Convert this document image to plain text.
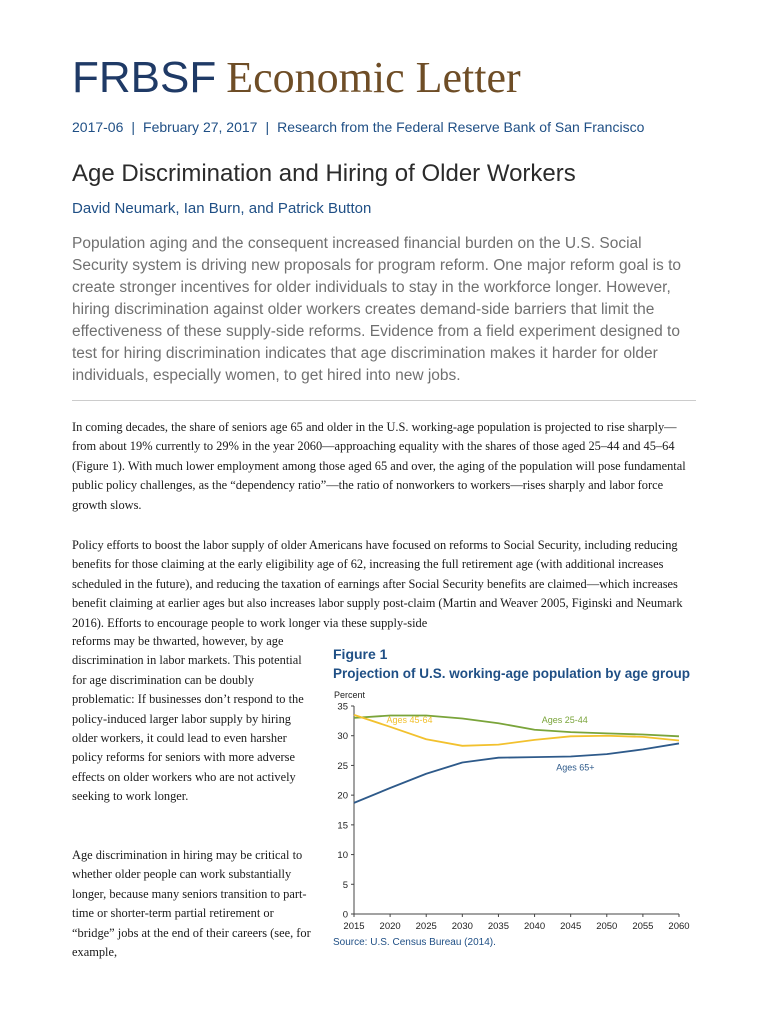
FRBSF Economic Letter
2017-06 | February 27, 2017 | Research from the Federal Reserve Bank of San Francisco
Age Discrimination and Hiring of Older Workers
David Neumark, Ian Burn, and Patrick Button

Population aging and the consequent increased financial burden on the U.S. Social Security system is driving new proposals for program reform. One major reform goal is to create stronger incentives for older individuals to stay in the workforce longer. However, hiring discrimination against older workers creates demand-side barriers that limit the effectiveness of these supply-side reforms. Evidence from a field experiment designed to test for hiring discrimination indicates that age discrimination makes it harder for older individuals, especially women, to get hired into new jobs.

In coming decades, the share of seniors age 65 and older in the U.S. working-age population is projected to rise sharply—from about 19% currently to 29% in the year 2060—approaching equality with the shares of those aged 25–44 and 45–64 (Figure 1). With much lower employment among those aged 65 and over, the aging of the population will pose fundamental public policy challenges, as the “dependency ratio”—the ratio of nonworkers to workers—rises sharply and labor force growth slows.

Policy efforts to boost the labor supply of older Americans have focused on reforms to Social Security, including reducing benefits for those claiming at the early eligibility age of 62, increasing the full retirement age (with additional increases scheduled in the future), and reducing the taxation of earnings after Social Security benefits are claimed—which increases benefit claiming at earlier ages but also increases labor supply post-claim (Martin and Weaver 2005, Figinski and Neumark 2016). Efforts to encourage people to work longer via these supply-side

reforms may be thwarted, however, by age discrimination in labor markets. This potential for age discrimination can be doubly problematic: If businesses don’t respond to the policy-induced larger labor supply by hiring older workers, it could lead to even harsher policy reforms for seniors with more adverse effects on older workers who are not actively seeking to work longer.

Age discrimination in hiring may be critical to whether older people can work substantially longer, because many seniors transition to part-time or shorter-term partial retirement or “bridge” jobs at the end of their careers (see, for example,

Figure 1
Projection of U.S. working-age population by age group
Percent
0
5
10
15
20
25
30
35
2015 2020 2025 2030 2035 2040 2045 2050 2055 2060
Ages 25-44
Ages 45-64
Ages 65+
Source: U.S. Census Bureau (2014).
